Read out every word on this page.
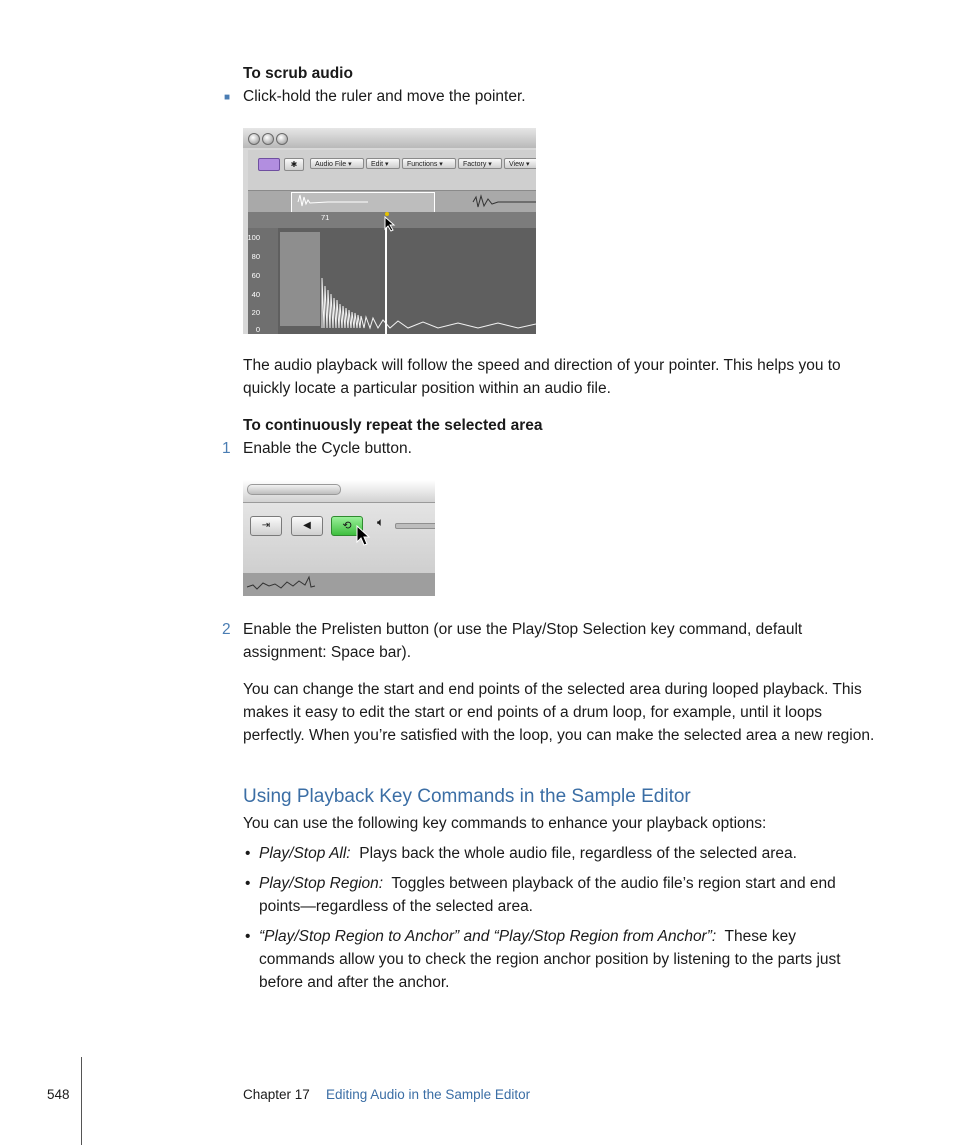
To scrub audio
■ Click-hold the ruler and move the pointer.
✱	Audio File ▾	Edit ▾	Functions ▾	Factory ▾	View ▾
71
100
80
60
40
20
0
The audio playback will follow the speed and direction of your pointer. This helps you to quickly locate a particular position within an audio file.
To continuously repeat the selected area
1 Enable the Cycle button.
⇥	◀	⟲	🔈︎
2 Enable the Prelisten button (or use the Play/Stop Selection key command, default assignment: Space bar).
You can change the start and end points of the selected area during looped playback. This makes it easy to edit the start or end points of a drum loop, for example, until it loops perfectly. When you’re satisfied with the loop, you can make the selected area a new region.
Using Playback Key Commands in the Sample Editor
You can use the following key commands to enhance your playback options:
• Play/Stop All: Plays back the whole audio file, regardless of the selected area.
• Play/Stop Region: Toggles between playback of the audio file’s region start and end points—regardless of the selected area.
• “Play/Stop Region to Anchor” and “Play/Stop Region from Anchor”: These key commands allow you to check the region anchor position by listening to the parts just before and after the anchor.
548	Chapter 17 Editing Audio in the Sample Editor
